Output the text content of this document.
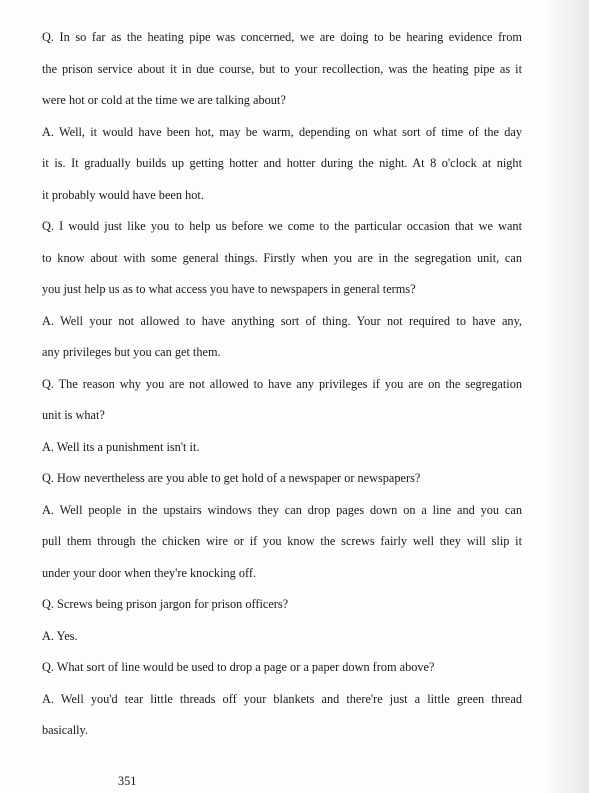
Q. In so far as the heating pipe was concerned, we are doing to be hearing evidence from
the prison service about it in due course, but to your recollection, was the heating pipe as it
were hot or cold at the time we are talking about?
A. Well, it would have been hot, may be warm, depending on what sort of time of the day
it is. It gradually builds up getting hotter and hotter during the night. At 8 o'clock at night
it probably would have been hot.
Q. I would just like you to help us before we come to the particular occasion that we want
to know about with some general things. Firstly when you are in the segregation unit, can
you just help us as to what access you have to newspapers in general terms?
A. Well your not allowed to have anything sort of thing. Your not required to have any,
any privileges but you can get them.
Q. The reason why you are not allowed to have any privileges if you are on the segregation
unit is what?
A. Well its a punishment isn't it.
Q. How nevertheless are you able to get hold of a newspaper or newspapers?
A. Well people in the upstairs windows they can drop pages down on a line and you can
pull them through the chicken wire or if you know the screws fairly well they will slip it
under your door when they're knocking off.
Q. Screws being prison jargon for prison officers?
A. Yes.
Q. What sort of line would be used to drop a page or a paper down from above?
A. Well you'd tear little threads off your blankets and there're just a little green thread
basically.
351
